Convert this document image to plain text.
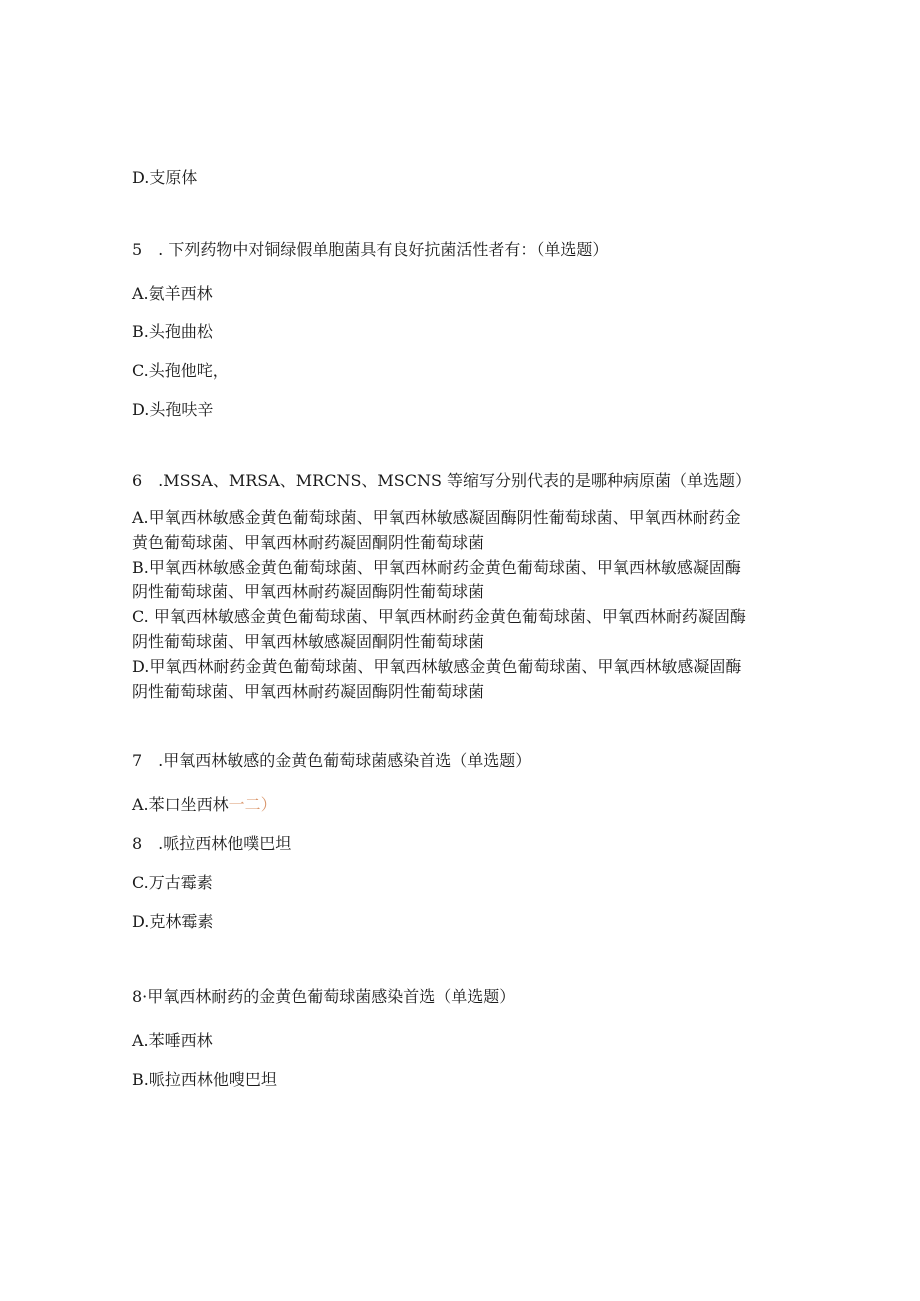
D.支原体
5　. 下列药物中对铜绿假单胞菌具有良好抗菌活性者有：（单选题）
A.氨羊西林
B.头孢曲松
C.头孢他咤，
D.头孢呋辛
6　.MSSA、MRSA、MRCNS、MSCNS 等缩写分别代表的是哪种病原菌（单选题）
A.甲氧西林敏感金黄色葡萄球菌、甲氧西林敏感凝固酶阴性葡萄球菌、甲氧西林耐药金
黄色葡萄球菌、甲氧西林耐药凝固酮阴性葡萄球菌
B.甲氧西林敏感金黄色葡萄球菌、甲氧西林耐药金黄色葡萄球菌、甲氧西林敏感凝固酶
阴性葡萄球菌、甲氧西林耐药凝固酶阴性葡萄球菌
C. 甲氧西林敏感金黄色葡萄球菌、甲氧西林耐药金黄色葡萄球菌、甲氧西林耐药凝固酶
阴性葡萄球菌、甲氧西林敏感凝固酮阴性葡萄球菌
D.甲氧西林耐药金黄色葡萄球菌、甲氧西林敏感金黄色葡萄球菌、甲氧西林敏感凝固酶
阴性葡萄球菌、甲氧西林耐药凝固酶阴性葡萄球菌
7　.甲氧西林敏感的金黄色葡萄球菌感染首选（单选题）
A.苯口坐西林一二）
8　.哌拉西林他噗巴坦
C.万古霉素
D.克林霉素
8·甲氧西林耐药的金黄色葡萄球菌感染首选（单选题）
A.苯唾西林
B.哌拉西林他嗖巴坦
